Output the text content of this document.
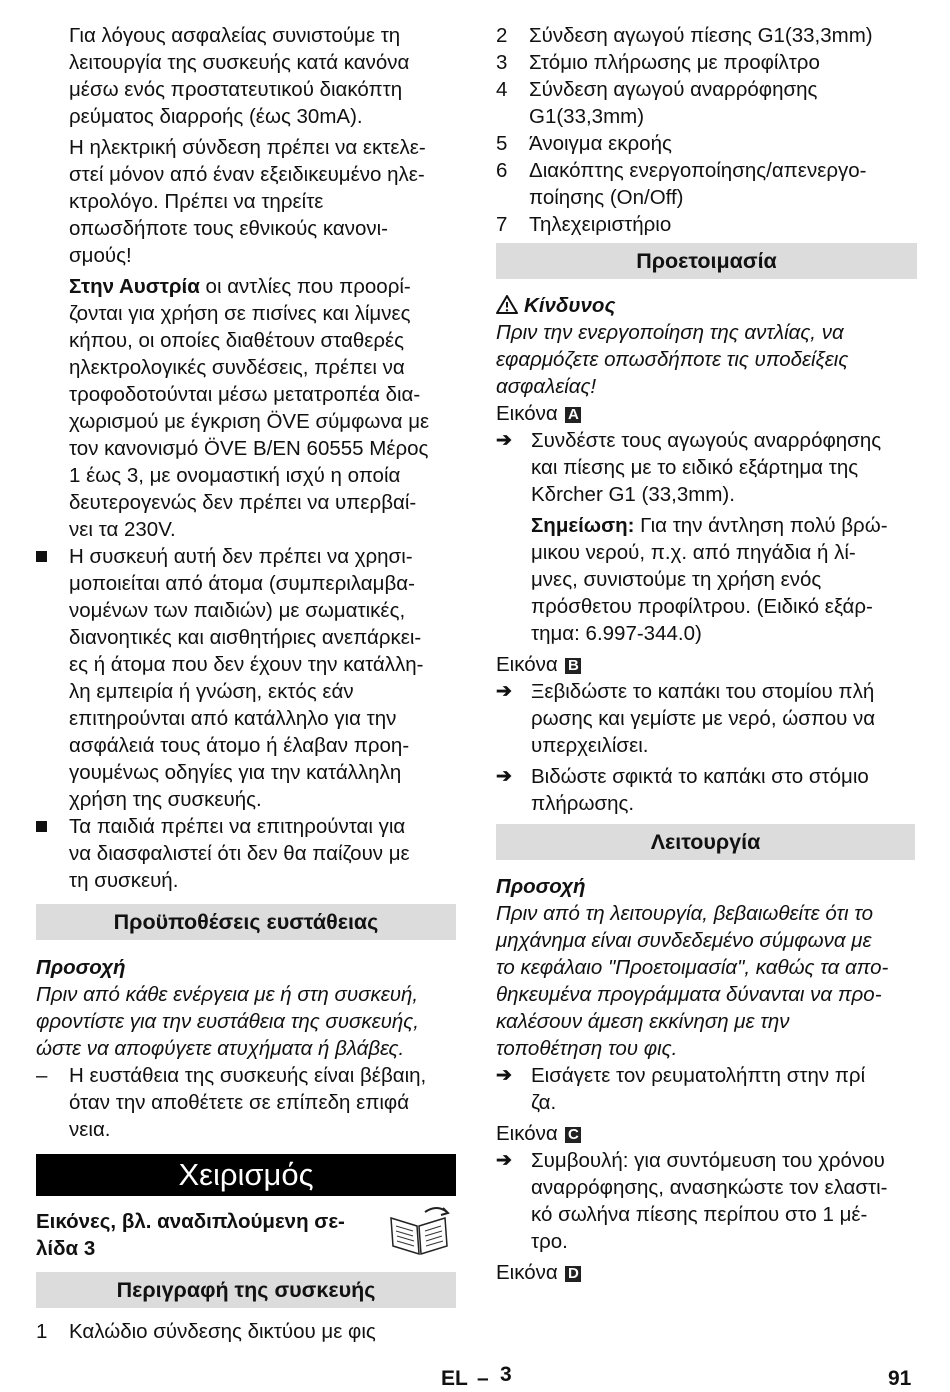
Για λόγους ασφαλείας συνιστούμε τη
λειτουργία της συσκευής κατά κανόνα
μέσω ενός προστατευτικού διακόπτη
ρεύματος διαρροής (έως 30mA).

Η ηλεκτρική σύνδεση πρέπει να εκτελε-
στεί μόνον από έναν εξειδικευμένο ηλε-
κτρολόγο. Πρέπει να τηρείτε
οπωσδήποτε τους εθνικούς κανονι-
σμούς!

Στην Αυστρία οι αντλίες που προορί-
ζονται για χρήση σε πισίνες και λίμνες
κήπου, οι οποίες διαθέτουν σταθερές
ηλεκτρολογικές συνδέσεις, πρέπει να
τροφοδοτούνται μέσω μετατροπέα δια-
χωρισμού με έγκριση ÖVE σύμφωνα με
τον κανονισμό ÖVE B/EN 60555 Μέρος
1 έως 3, με ονομαστική ισχύ η οποία
δευτερογενώς δεν πρέπει να υπερβαί-
νει τα 230V.

Η συσκευή αυτή δεν πρέπει να χρησι-
μοποιείται από άτομα (συμπεριλαμβα-
νομένων των παιδιών) με σωματικές,
διανοητικές και αισθητήριες ανεπάρκει-
ες ή άτομα που δεν έχουν την κατάλλη-
λη εμπειρία ή γνώση, εκτός εάν
επιτηρούνται από κατάλληλο για την
ασφάλειά τους άτομο ή έλαβαν προη-
γουμένως οδηγίες για την κατάλληλη
χρήση της συσκευής.

Τα παιδιά πρέπει να επιτηρούνται για
να διασφαλιστεί ότι δεν θα παίζουν με
τη συσκευή.

Προϋποθέσεις ευστάθειας

Προσοχή

Πριν από κάθε ενέργεια με ή στη συσκευή,
φροντίστε για την ευστάθεια της συσκευής,
ώστε να αποφύγετε ατυχήματα ή βλάβες.

– Η ευστάθεια της συσκευής είναι βέβαιη,
όταν την αποθέτετε σε επίπεδη επιφά
νεια.

Χειρισμός

Εικόνες, βλ. αναδιπλούμενη σε-
λίδα 3

Περιγραφή της συσκευής
1 Καλώδιο σύνδεσης δικτύου με φις
2 Σύνδεση αγωγού πίεσης G1(33,3mm)
3 Στόμιο πλήρωσης με προφίλτρο
4 Σύνδεση αγωγού αναρρόφησης
G1(33,3mm)
5 Άνοιγμα εκροής
6 Διακόπτης ενεργοποίησης/απενεργο-
ποίησης (On/Off)
7 Τηλεχειριστήριο
Προετοιμασία

Κίνδυνος

Πριν την ενεργοποίηση της αντλίας, να
εφαρμόζετε οπωσδήποτε τις υποδείξεις
ασφαλείας!

Εικόνα A

➔ Συνδέστε τους αγωγούς αναρρόφησης
και πίεσης με το ειδικό εξάρτημα της
Kδrcher G1 (33,3mm).

Σημείωση: Για την άντληση πολύ βρώ-
μικου νερού, π.χ. από πηγάδια ή λί-
μνες, συνιστούμε τη χρήση ενός
πρόσθετου προφίλτρου. (Ειδικό εξάρ-
τημα: 6.997-344.0)

Εικόνα B

➔ Ξεβιδώστε το καπάκι του στομίου πλή
ρωσης και γεμίστε με νερό, ώσπου να
υπερχειλίσει.

➔ Βιδώστε σφικτά το καπάκι στο στόμιο
πλήρωσης.

Λειτουργία

Προσοχή

Πριν από τη λειτουργία, βεβαιωθείτε ότι το
μηχάνημα είναι συνδεδεμένο σύμφωνα με
το κεφάλαιο "Προετοιμασία", καθώς τα απο-
θηκευμένα προγράμματα δύνανται να προ-
καλέσουν άμεση εκκίνηση με την
τοποθέτηση του φις.

➔ Εισάγετε τον ρευματολήπτη στην πρί
ζα.

Εικόνα C

➔ Συμβουλή: για συντόμευση του χρόνου
αναρρόφησης, ανασηκώστε τον ελαστι-
κό σωλήνα πίεσης περίπου στο 1 μέ-
τρο.

Εικόνα D

EL – 3	91
